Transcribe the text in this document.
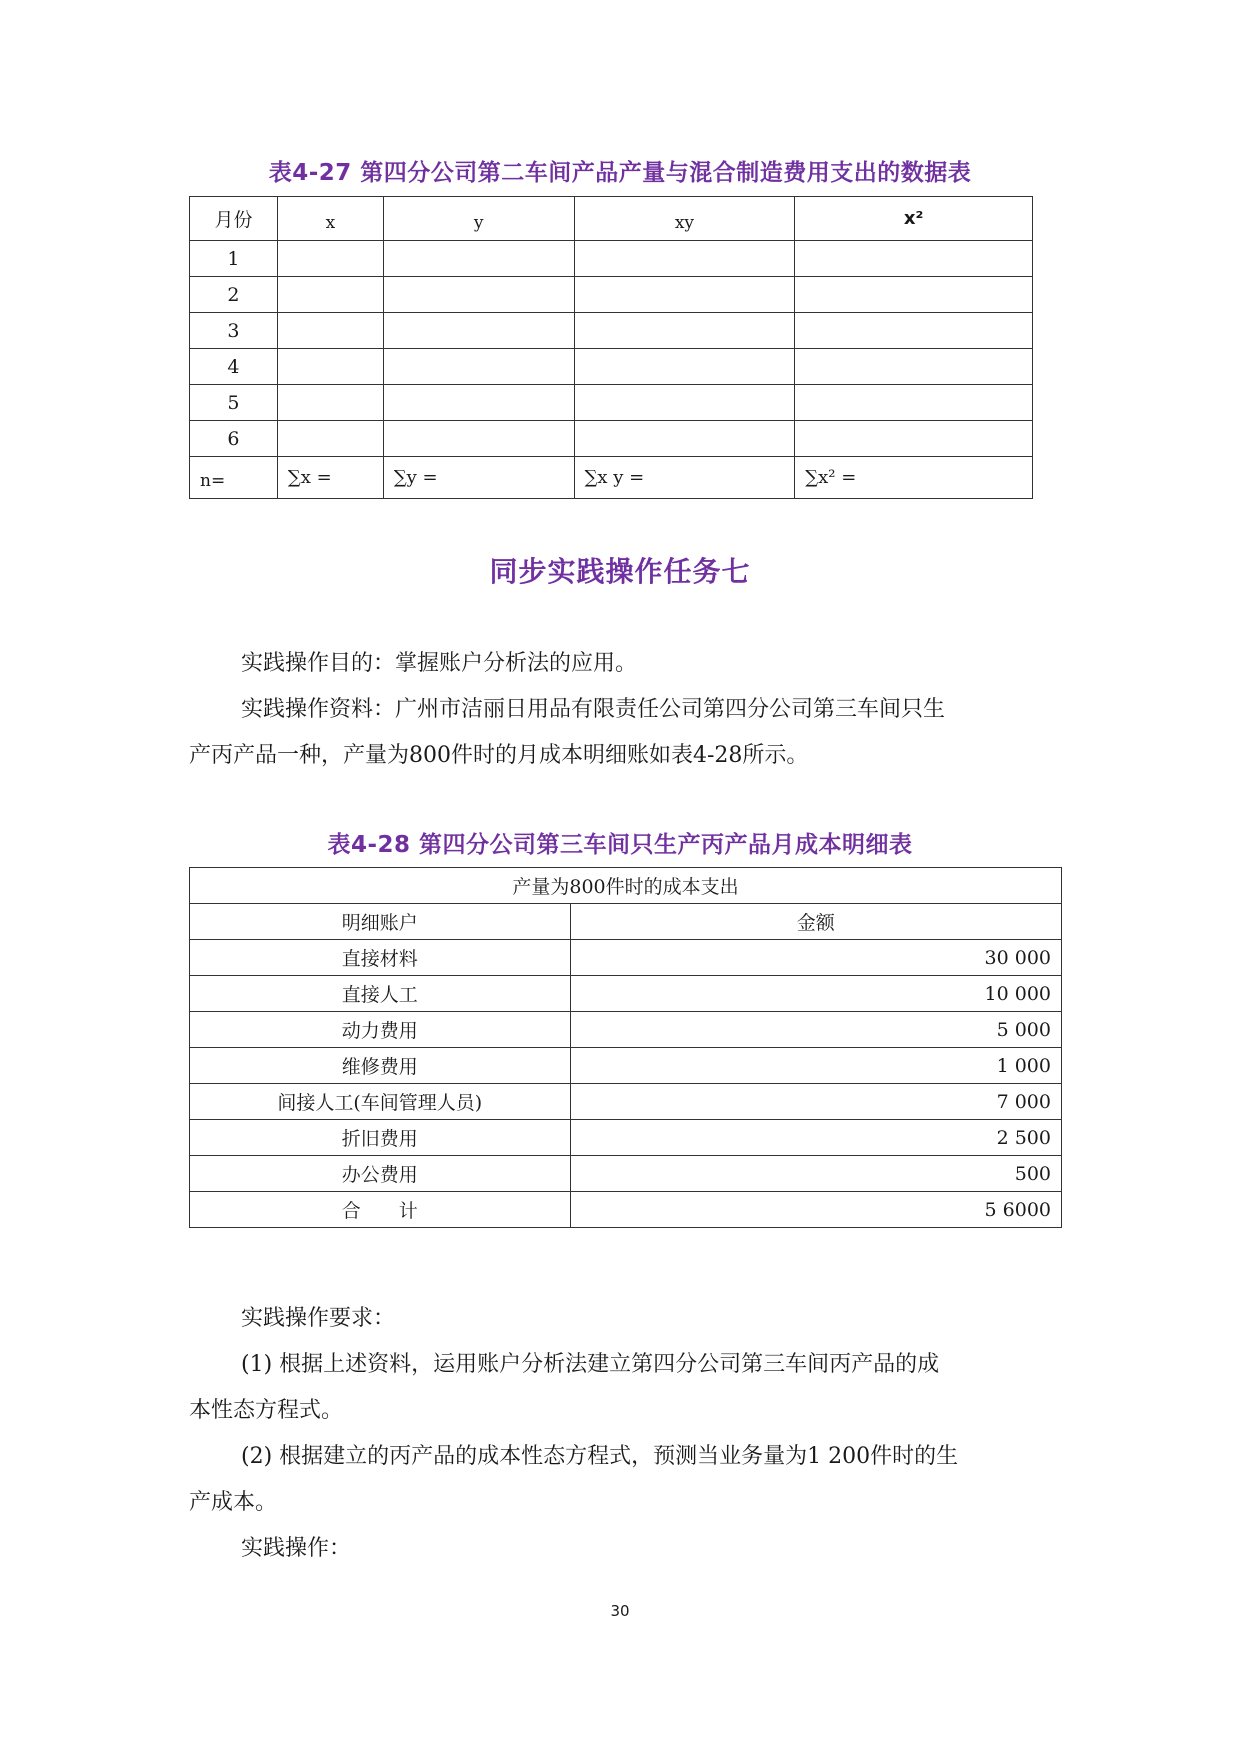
表4-27 第四分公司第二车间产品产量与混合制造费用支出的数据表
月份	x	y	xy	x²
1				
2				
3				
4				
5				
6				
n=	∑x =	∑y =	∑x y =	∑x² =
同步实践操作任务七
实践操作目的：掌握账户分析法的应用。
实践操作资料：广州市洁丽日用品有限责任公司第四分公司第三车间只生
产丙产品一种，产量为800件时的月成本明细账如表4-28所示。
表4-28 第四分公司第三车间只生产丙产品月成本明细表
产量为800件时的成本支出	
明细账户	金额
直接材料	30 000
直接人工	10 000
动力费用	5 000
维修费用	1 000
间接人工(车间管理人员)	7 000
折旧费用	2 500
办公费用	500
合　　计	5 6000
实践操作要求：
(1) 根据上述资料，运用账户分析法建立第四分公司第三车间丙产品的成
本性态方程式。
(2) 根据建立的丙产品的成本性态方程式，预测当业务量为1 200件时的生
产成本。
实践操作：
30
